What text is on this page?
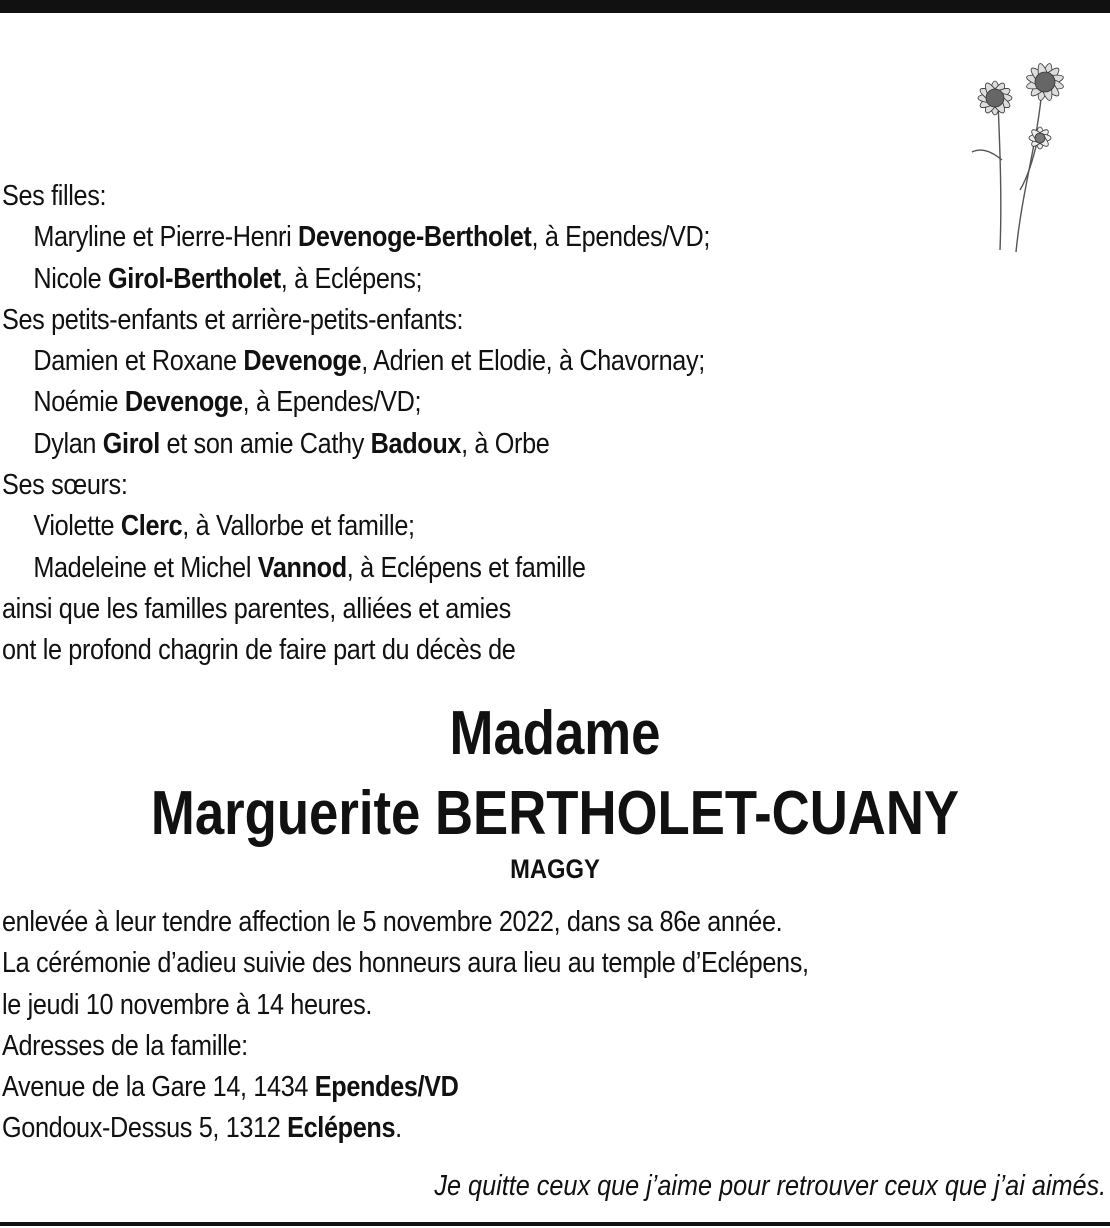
Ses filles:
Maryline et Pierre-Henri Devenoge-Bertholet, à Ependes/VD;
Nicole Girol-Bertholet, à Eclépens;
Ses petits-enfants et arrière-petits-enfants:
Damien et Roxane Devenoge, Adrien et Elodie, à Chavornay;
Noémie Devenoge, à Ependes/VD;
Dylan Girol et son amie Cathy Badoux, à Orbe
Ses sœurs:
Violette Clerc, à Vallorbe et famille;
Madeleine et Michel Vannod, à Eclépens et famille
ainsi que les familles parentes, alliées et amies
ont le profond chagrin de faire part du décès de
Madame
Marguerite BERTHOLET-CUANY
MAGGY
enlevée à leur tendre affection le 5 novembre 2022, dans sa 86e année.
La cérémonie d’adieu suivie des honneurs aura lieu au temple d’Eclépens,
le jeudi 10 novembre à 14 heures.
Adresses de la famille:
Avenue de la Gare 14, 1434 Ependes/VD
Gondoux-Dessus 5, 1312 Eclépens.
Je quitte ceux que j’aime pour retrouver ceux que j’ai aimés.
